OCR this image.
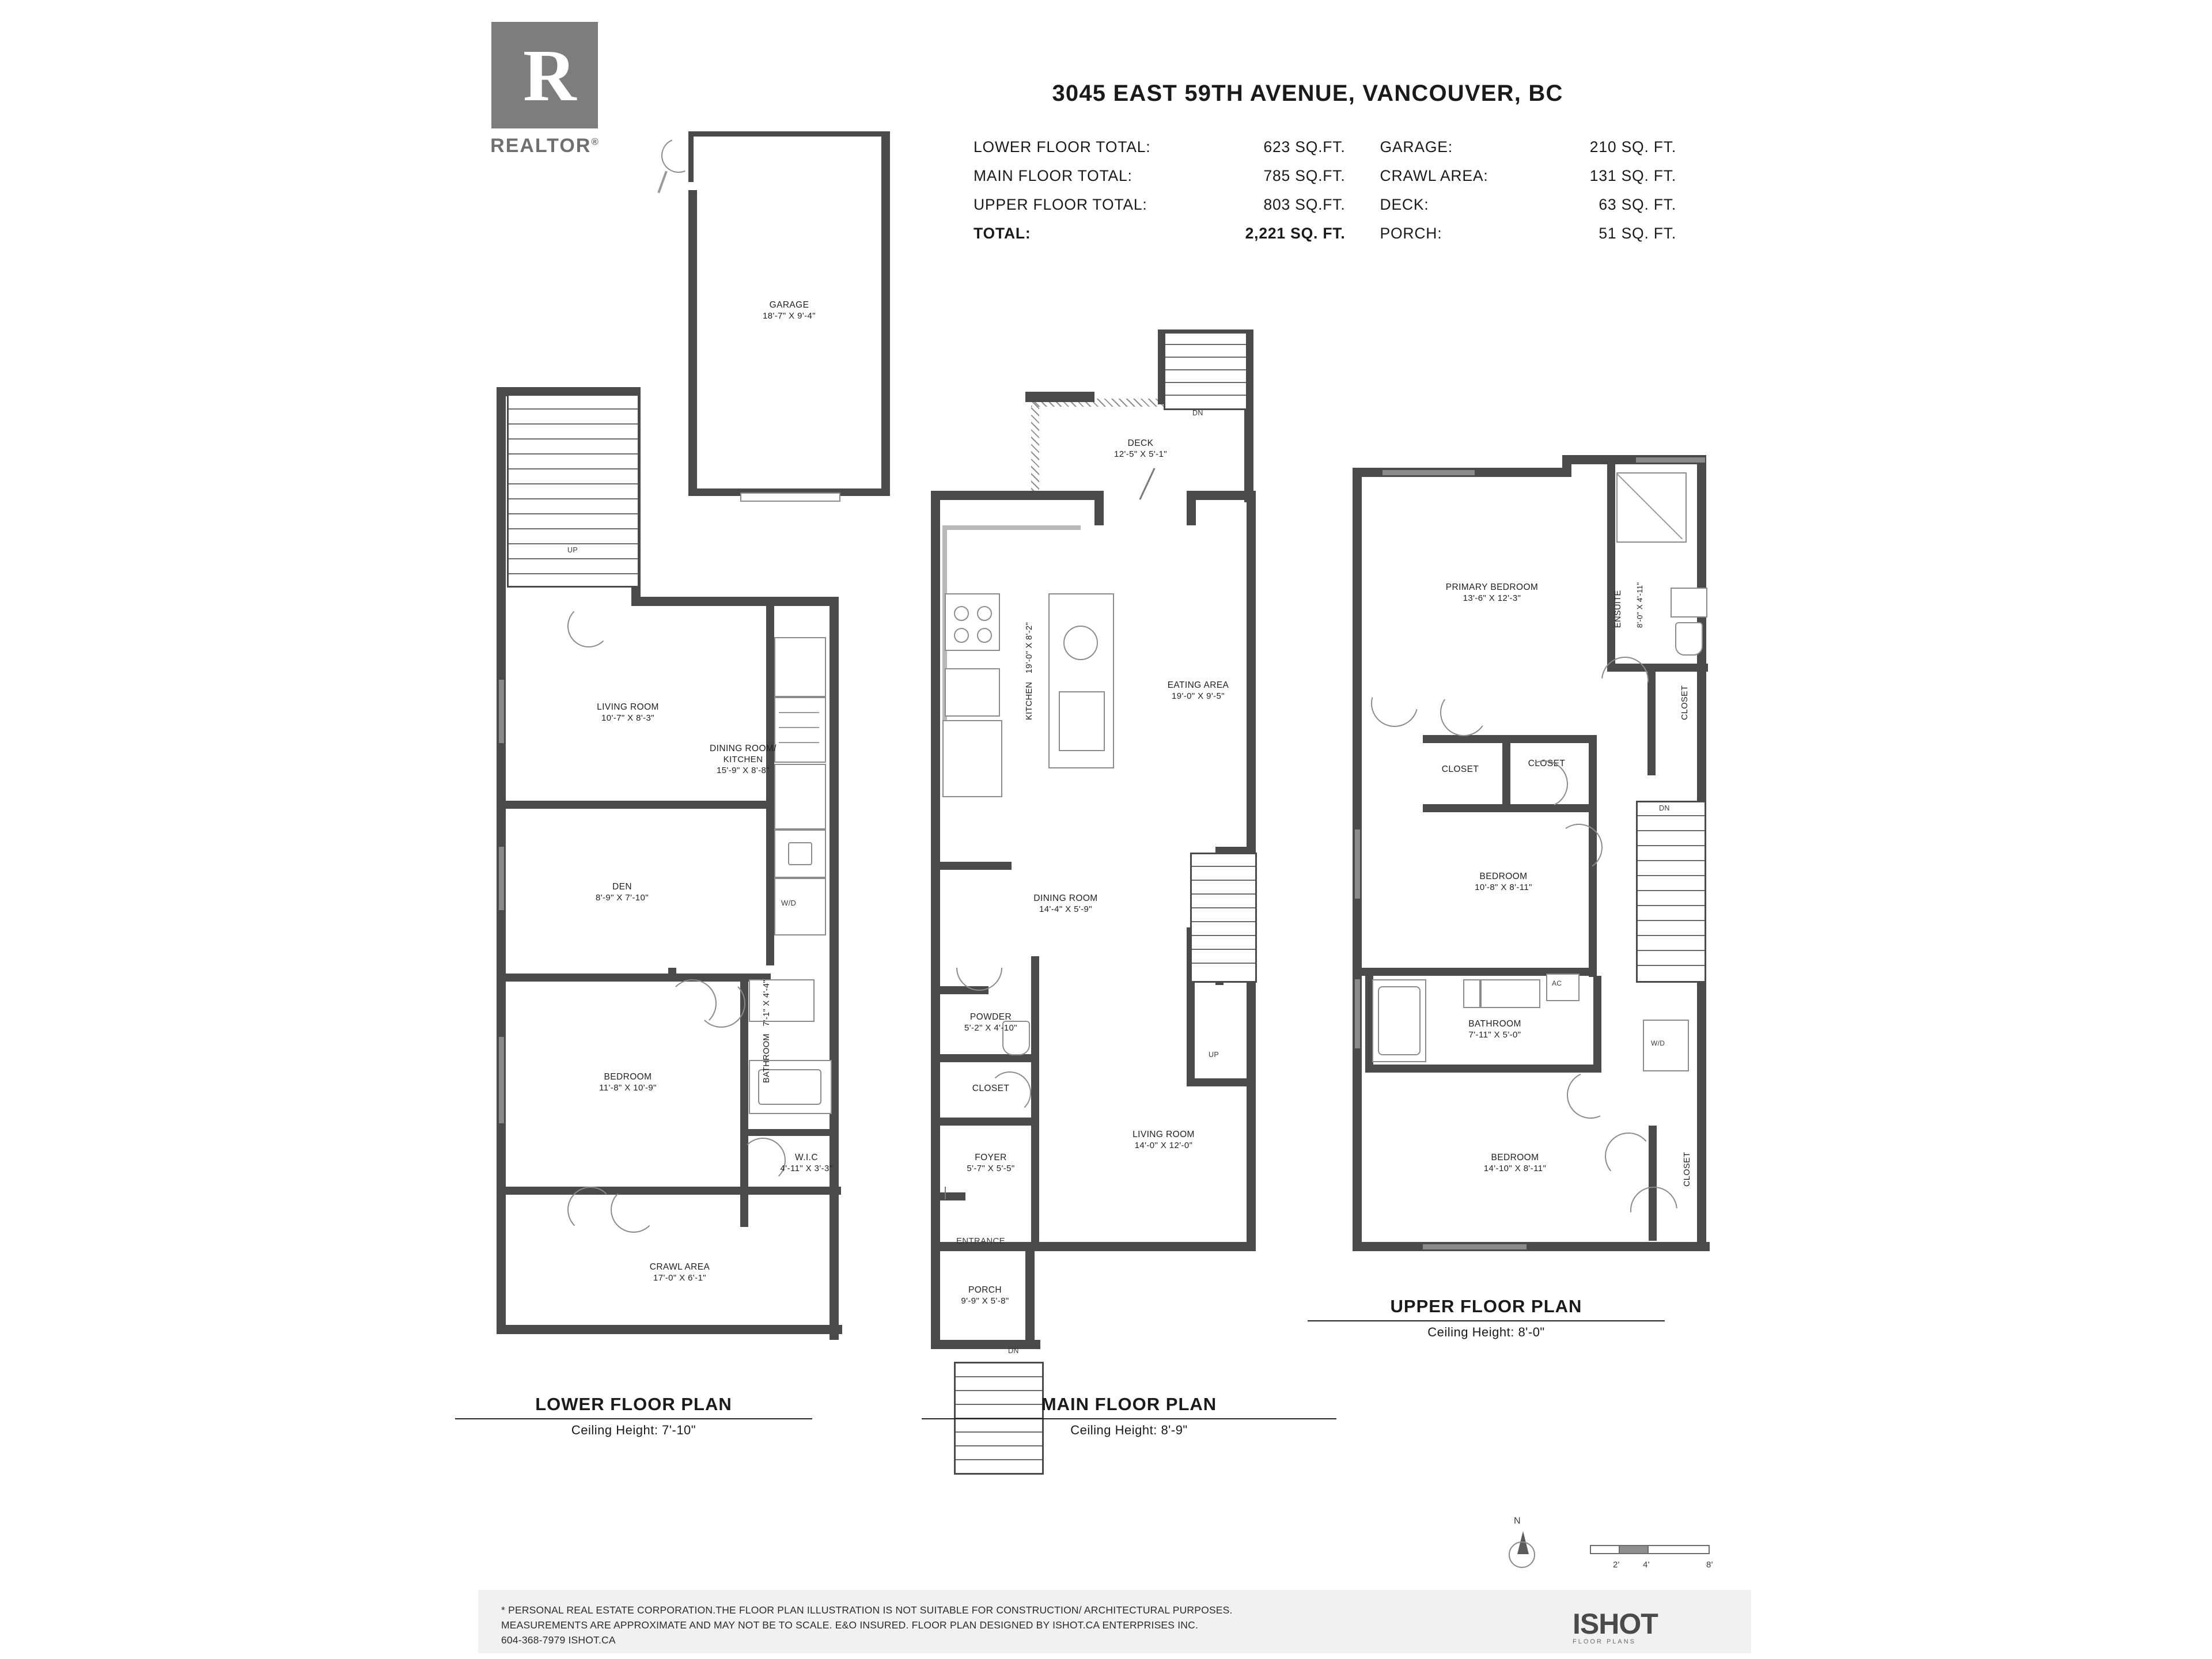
R
REALTOR®
3045 EAST 59TH AVENUE, VANCOUVER, BC
LOWER FLOOR TOTAL:	623 SQ.FT.	GARAGE:	210 SQ. FT.
MAIN FLOOR TOTAL:	785 SQ.FT.	CRAWL AREA:	131 SQ. FT.
UPPER FLOOR TOTAL:	803 SQ.FT.	DECK:	63 SQ. FT.
TOTAL:	2,221 SQ. FT.	PORCH:	51 SQ. FT.
GARAGE
18'-7" X 9'-4"
UP
W/D
LIVING ROOM
10'-7" X 8'-3"
DINING ROOM/
KITCHEN
15'-9" X 8'-8"
DEN
8'-9" X 7'-10"
BEDROOM
11'-8" X 10'-9"
BATHROOM 7'-1" X 4'-4"
W.I.C
4'-11" X 3'-3"
CRAWL AREA
17'-0" X 6'-1"
LOWER FLOOR PLAN
Ceiling Height: 7'-10"
DN
DECK
12'-5" X 5'-1"
KITCHEN 19'-0" X 8'-2"
EATING AREA
19'-0" X 9'-5"
DINING ROOM
14'-4" X 5'-9"
UP
POWDER
5'-2" X 4'-10"
CLOSET
FOYER
5'-7" X 5'-5"
ENTRANCE
LIVING ROOM
14'-0" X 12'-0"
PORCH
9'-9" X 5'-8"
DN
MAIN FLOOR PLAN
Ceiling Height: 8'-9"
ENSUITE 8'-0" X 4'-11"
PRIMARY BEDROOM
13'-6" X 12'-3"
CLOSET
CLOSET
CLOSET
BEDROOM
10'-8" X 8'-11"
DN
BATHROOM
7'-11" X 5'-0"
AC
W/D
BEDROOM
14'-10" X 8'-11"	CLOSET
UPPER FLOOR PLAN
Ceiling Height: 8'-0"
N
2'	4'	8'
* PERSONAL REAL ESTATE CORPORATION.THE FLOOR PLAN ILLUSTRATION IS NOT SUITABLE FOR CONSTRUCTION/ ARCHITECTURAL PURPOSES.
MEASUREMENTS ARE APPROXIMATE AND MAY NOT BE TO SCALE. E&O INSURED. FLOOR PLAN DESIGNED BY ISHOT.CA ENTERPRISES INC.
604-368-7979 ISHOT.CA	ISHOT
FLOOR PLANS
